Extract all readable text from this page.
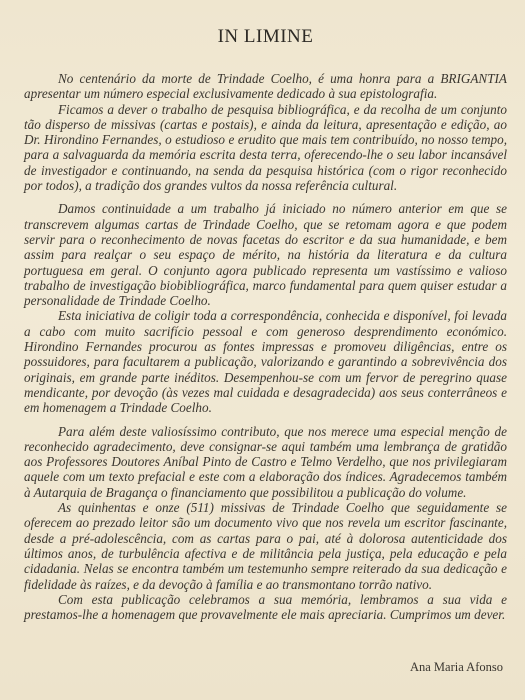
IN LIMINE

No centenário da morte de Trindade Coelho, é uma honra para a BRIGANTIA apresentar um número especial exclusivamente dedicado à sua epistolografia.

Ficamos a dever o trabalho de pesquisa bibliográfica, e da recolha de um conjunto tão disperso de missivas (cartas e postais), e ainda da leitura, apresentação e edição, ao Dr. Hirondino Fernandes, o estudioso e erudito que mais tem contribuído, no nosso tempo, para a salvaguarda da memória escrita desta terra, oferecendo-lhe o seu labor incansável de investigador e continuando, na senda da pesquisa histórica (com o rigor reconhecido por todos), a tradição dos grandes vultos da nossa referência cultural.

Damos continuidade a um trabalho já iniciado no número anterior em que se transcrevem algumas cartas de Trindade Coelho, que se retomam agora e que podem servir para o reconhecimento de novas facetas do escritor e da sua humanidade, e bem assim para realçar o seu espaço de mérito, na história da literatura e da cultura portuguesa em geral. O conjunto agora publicado representa um vastíssimo e valioso trabalho de investigação biobibliográfica, marco fundamental para quem quiser estudar a personalidade de Trindade Coelho.

Esta iniciativa de coligir toda a correspondência, conhecida e disponível, foi levada a cabo com muito sacrifício pessoal e com generoso desprendimento económico. Hirondino Fernandes procurou as fontes impressas e promoveu diligências, entre os possuidores, para facultarem a publicação, valorizando e garantindo a sobrevivência dos originais, em grande parte inéditos. Desempenhou-se com um fervor de peregrino quase mendicante, por devoção (às vezes mal cuidada e desagradecida) aos seus conterrâneos e em homenagem a Trindade Coelho.

Para além deste valiosíssimo contributo, que nos merece uma especial menção de reconhecido agradecimento, deve consignar-se aqui também uma lembrança de gratidão aos Professores Doutores Aníbal Pinto de Castro e Telmo Verdelho, que nos privilegiaram aquele com um texto prefacial e este com a elaboração dos índices. Agradecemos também à Autarquia de Bragança o financiamento que possibilitou a publicação do volume.

As quinhentas e onze (511) missivas de Trindade Coelho que seguidamente se oferecem ao prezado leitor são um documento vivo que nos revela um escritor fascinante, desde a pré-adolescência, com as cartas para o pai, até à dolorosa autenticidade dos últimos anos, de turbulência afectiva e de militância pela justiça, pela educação e pela cidadania. Nelas se encontra também um testemunho sempre reiterado da sua dedicação e fidelidade às raízes, e da devoção à família e ao transmontano torrão nativo.

Com esta publicação celebramos a sua memória, lembramos a sua vida e prestamos-lhe a homenagem que provavelmente ele mais apreciaria. Cumprimos um dever.

Ana Maria Afonso
